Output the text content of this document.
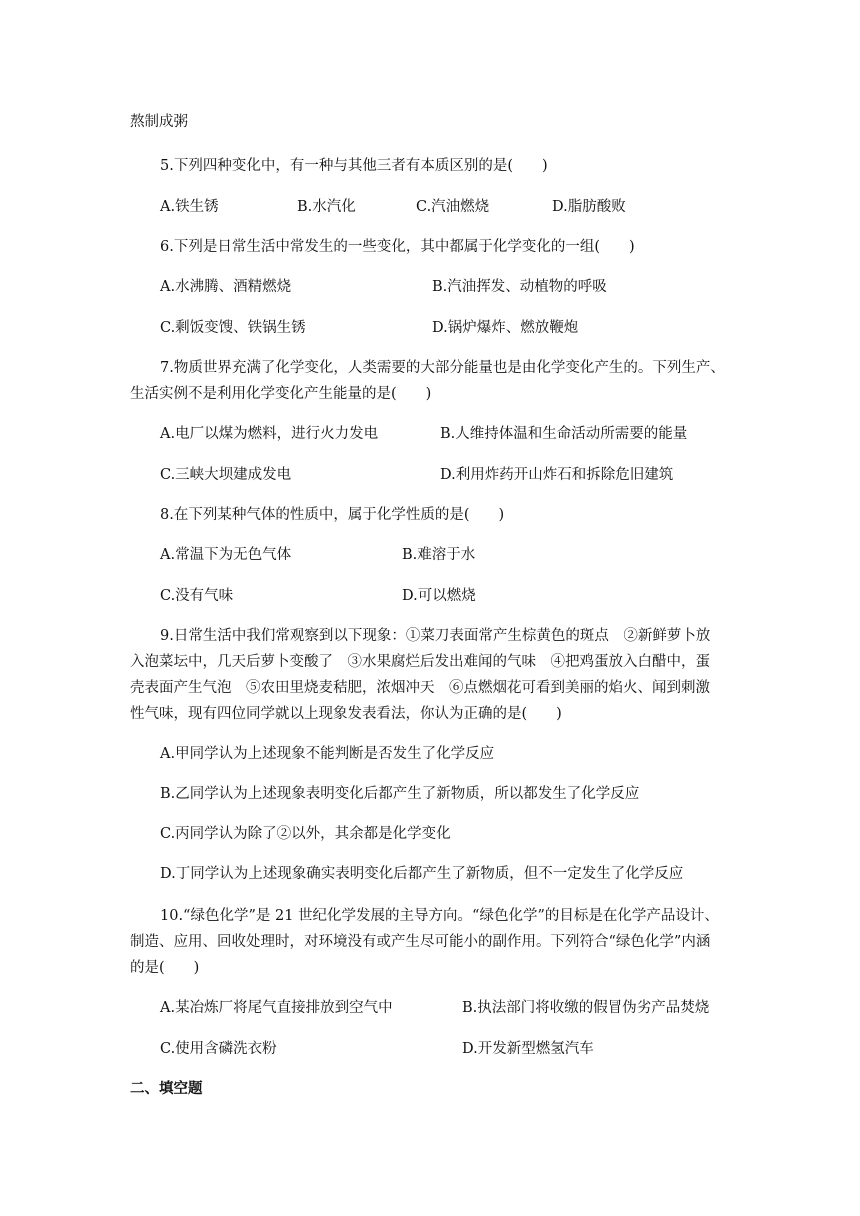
熬制成粥
5.下列四种变化中，有一种与其他三者有本质区别的是(　　)
A.铁生锈	B.水汽化	C.汽油燃烧	D.脂肪酸败
6.下列是日常生活中常发生的一些变化，其中都属于化学变化的一组(　　)
A.水沸腾、酒精燃烧	B.汽油挥发、动植物的呼吸
C.剩饭变馊、铁锅生锈	D.锅炉爆炸、燃放鞭炮
7.物质世界充满了化学变化，人类需要的大部分能量也是由化学变化产生的。下列生产、
生活实例不是利用化学变化产生能量的是(　　)
A.电厂以煤为燃料，进行火力发电	B.人维持体温和生命活动所需要的能量
C.三峡大坝建成发电	D.利用炸药开山炸石和拆除危旧建筑
8.在下列某种气体的性质中，属于化学性质的是(　　)
A.常温下为无色气体	B.难溶于水
C.没有气味	D.可以燃烧
9.日常生活中我们常观察到以下现象：①菜刀表面常产生棕黄色的斑点　②新鲜萝卜放
入泡菜坛中，几天后萝卜变酸了　③水果腐烂后发出难闻的气味　④把鸡蛋放入白醋中，蛋
壳表面产生气泡　⑤农田里烧麦秸肥，浓烟冲天　⑥点燃烟花可看到美丽的焰火、闻到刺激
性气味，现有四位同学就以上现象发表看法，你认为正确的是(　　)
A.甲同学认为上述现象不能判断是否发生了化学反应
B.乙同学认为上述现象表明变化后都产生了新物质，所以都发生了化学反应
C.丙同学认为除了②以外，其余都是化学变化
D.丁同学认为上述现象确实表明变化后都产生了新物质，但不一定发生了化学反应
10.“绿色化学”是 21 世纪化学发展的主导方向。“绿色化学”的目标是在化学产品设计、
制造、应用、回收处理时，对环境没有或产生尽可能小的副作用。下列符合“绿色化学”内涵
的是(　　)
A.某冶炼厂将尾气直接排放到空气中	B.执法部门将收缴的假冒伪劣产品焚烧
C.使用含磷洗衣粉	D.开发新型燃氢汽车
二、填空题
